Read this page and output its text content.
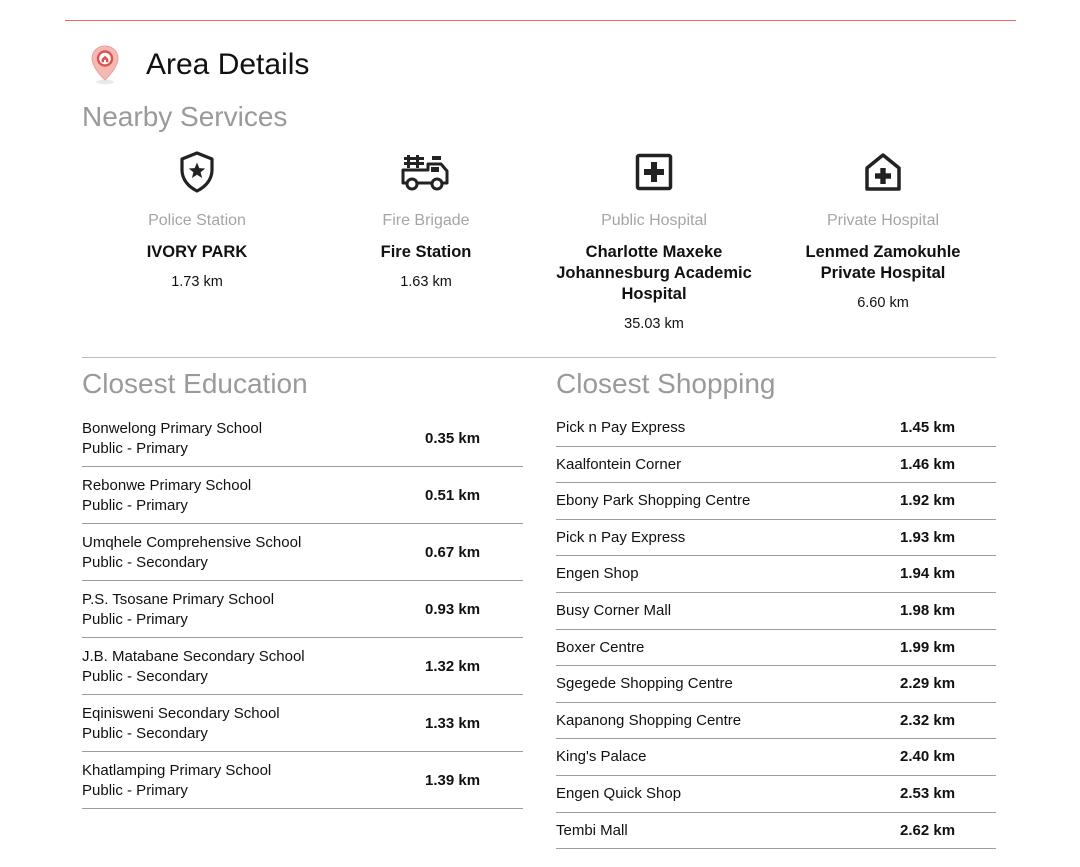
Area Details
Nearby Services
Police Station
IVORY PARK
1.73 km
Fire Brigade
Fire Station
1.63 km
Public Hospital
Charlotte Maxeke Johannesburg Academic Hospital
35.03 km
Private Hospital
Lenmed Zamokuhle Private Hospital
6.60 km
Closest Education	Closest Shopping
Bonwelong Primary School
Public - Primary
0.35 km
Rebonwe Primary School
Public - Primary
0.51 km
Umqhele Comprehensive School
Public - Secondary
0.67 km
P.S. Tsosane Primary School
Public - Primary
0.93 km
J.B. Matabane Secondary School
Public - Secondary
1.32 km
Eqinisweni Secondary School
Public - Secondary
1.33 km
Khatlamping Primary School
Public - Primary
1.39 km
Pick n Pay Express	1.45 km
Kaalfontein Corner	1.46 km
Ebony Park Shopping Centre	1.92 km
Pick n Pay Express	1.93 km
Engen Shop	1.94 km
Busy Corner Mall	1.98 km
Boxer Centre	1.99 km
Sgegede Shopping Centre	2.29 km
Kapanong Shopping Centre	2.32 km
King's Palace	2.40 km
Engen Quick Shop	2.53 km
Tembi Mall	2.62 km
